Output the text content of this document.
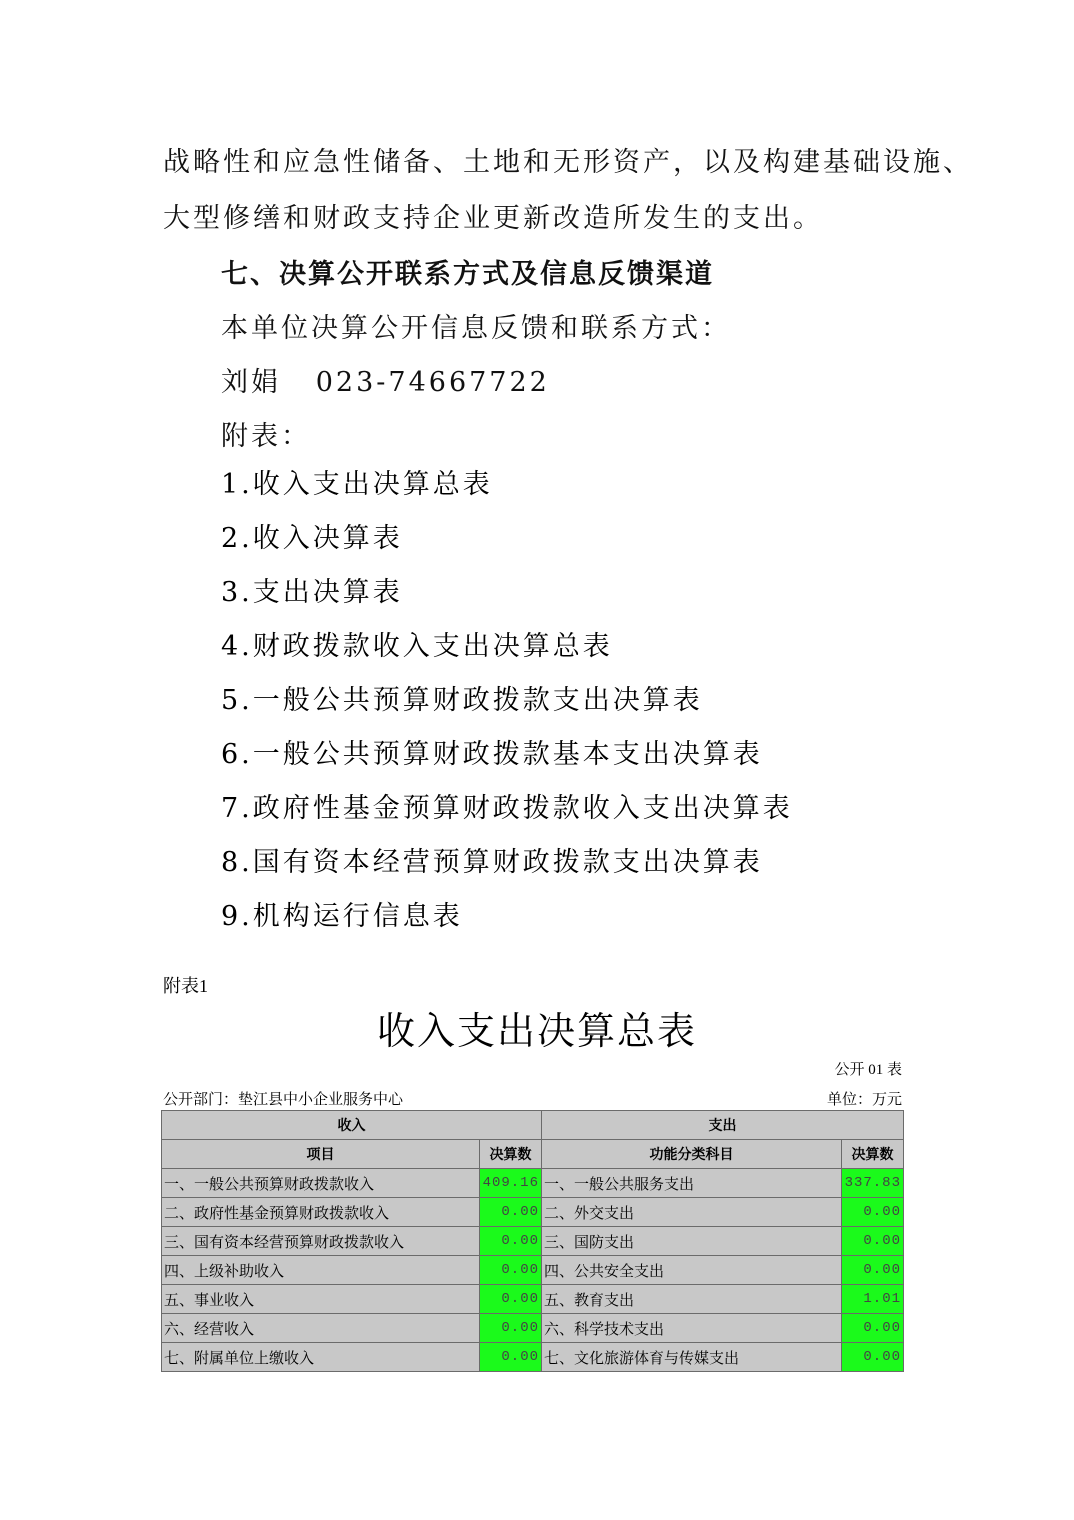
战略性和应急性储备、土地和无形资产，以及构建基础设施、
大型修缮和财政支持企业更新改造所发生的支出。
七、决算公开联系方式及信息反馈渠道
本单位决算公开信息反馈和联系方式：
刘娟   023-74667722
附表：
1.收入支出决算总表
2.收入决算表
3.支出决算表
4.财政拨款收入支出决算总表
5.一般公共预算财政拨款支出决算表
6.一般公共预算财政拨款基本支出决算表
7.政府性基金预算财政拨款收入支出决算表
8.国有资本经营预算财政拨款支出决算表
9.机构运行信息表
附表1
收入支出决算总表
公开 01 表
公开部门：垫江县中小企业服务中心	单位：万元
收入		支出	
项目	决算数	功能分类科目	决算数
一、一般公共预算财政拨款收入	409.16	一、一般公共服务支出	337.83
二、政府性基金预算财政拨款收入	0.00	二、外交支出	0.00
三、国有资本经营预算财政拨款收入	0.00	三、国防支出	0.00
四、上级补助收入	0.00	四、公共安全支出	0.00
五、事业收入	0.00	五、教育支出	1.01
六、经营收入	0.00	六、科学技术支出	0.00
七、附属单位上缴收入	0.00	七、文化旅游体育与传媒支出	0.00
